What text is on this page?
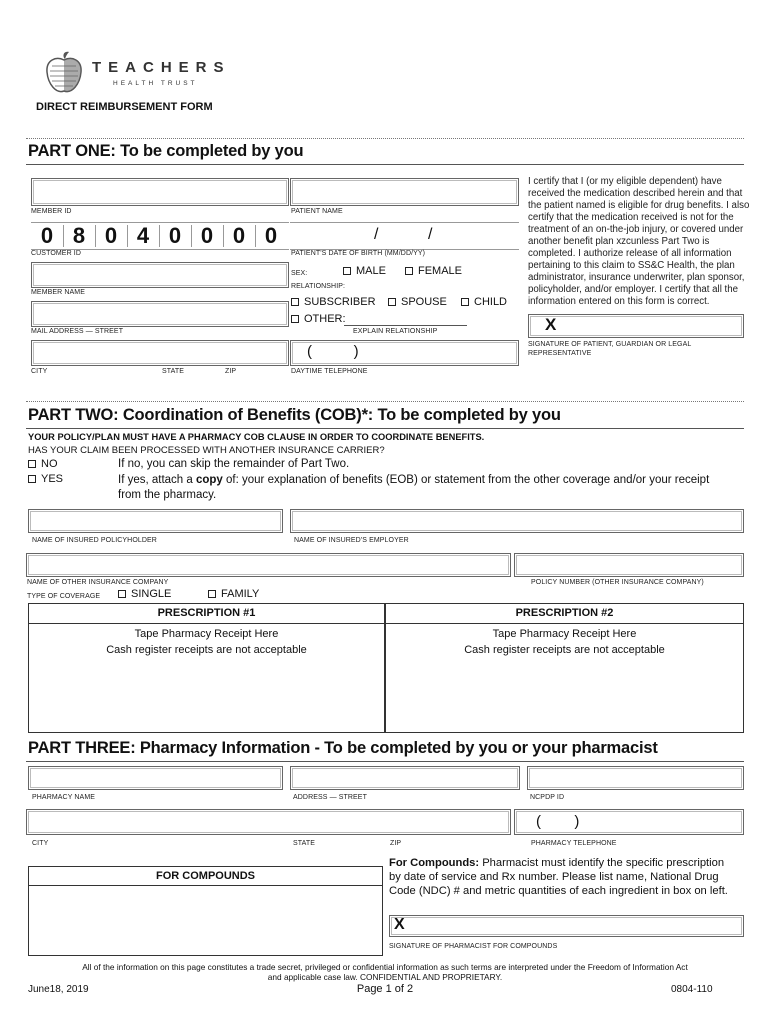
TEACHERS
HEALTH TRUST
DIRECT REIMBURSEMENT FORM
PART ONE: To be completed by you
MEMBER ID	PATIENT NAME
0 8 0 4 0 0 0 0
CUSTOMER ID
/	/
PATIENT'S DATE OF BIRTH (MM/DD/YY)
MEMBER NAME
SEX:	MALE	FEMALE
RELATIONSHIP:
SUBSCRIBER	SPOUSE	CHILD
OTHER:
EXPLAIN RELATIONSHIP
MAIL ADDRESS — STREET
CITY	STATE	ZIP
(          )
DAYTIME TELEPHONE
I certify that I (or my eligible dependent) have received the medication described herein and that the patient named is eligible for drug benefits. I also certify that the medication received is not for the treatment of an on-the-job injury, or covered under another benefit plan xzcunless Part Two is completed. I authorize release of all information pertaining to this claim to SS&C Health, the plan administrator, insurance underwriter, plan sponsor, policyholder, and/or employer. I certify that all the information entered on this form is correct.
X
SIGNATURE OF PATIENT, GUARDIAN OR LEGAL REPRESENTATIVE
PART TWO: Coordination of Benefits (COB)*: To be completed by you
YOUR POLICY/PLAN MUST HAVE A PHARMACY COB CLAUSE IN ORDER TO COORDINATE BENEFITS.
HAS YOUR CLAIM BEEN PROCESSED WITH ANOTHER INSURANCE CARRIER?
NO	If no, you can skip the remainder of Part Two.
YES	If yes, attach a copy of: your explanation of benefits (EOB) or statement from the other coverage and/or your receipt from the pharmacy.
NAME OF INSURED POLICYHOLDER	NAME OF INSURED'S EMPLOYER
NAME OF OTHER INSURANCE COMPANY	POLICY NUMBER (OTHER INSURANCE COMPANY)
TYPE OF COVERAGE	SINGLE	FAMILY
PRESCRIPTION #1
Tape Pharmacy Receipt Here
Cash register receipts are not acceptable
PRESCRIPTION #2
Tape Pharmacy Receipt Here
Cash register receipts are not acceptable
PART THREE: Pharmacy Information - To be completed by you or your pharmacist
PHARMACY NAME	ADDRESS — STREET	NCPDP ID
CITY	STATE	ZIP
(        )
PHARMACY TELEPHONE
FOR COMPOUNDS
For Compounds: Pharmacist must identify the specific prescription by date of service and Rx number. Please list name, National Drug Code (NDC) # and metric quantities of each ingredient in box on left.
X
SIGNATURE OF PHARMACIST FOR COMPOUNDS
All of the information on this page constitutes a trade secret, privileged or confidential information as such terms are interpreted under the Freedom of Information Act
and applicable case law. CONFIDENTIAL AND PROPRIETARY.
June18, 2019	Page 1 of 2	0804-110
